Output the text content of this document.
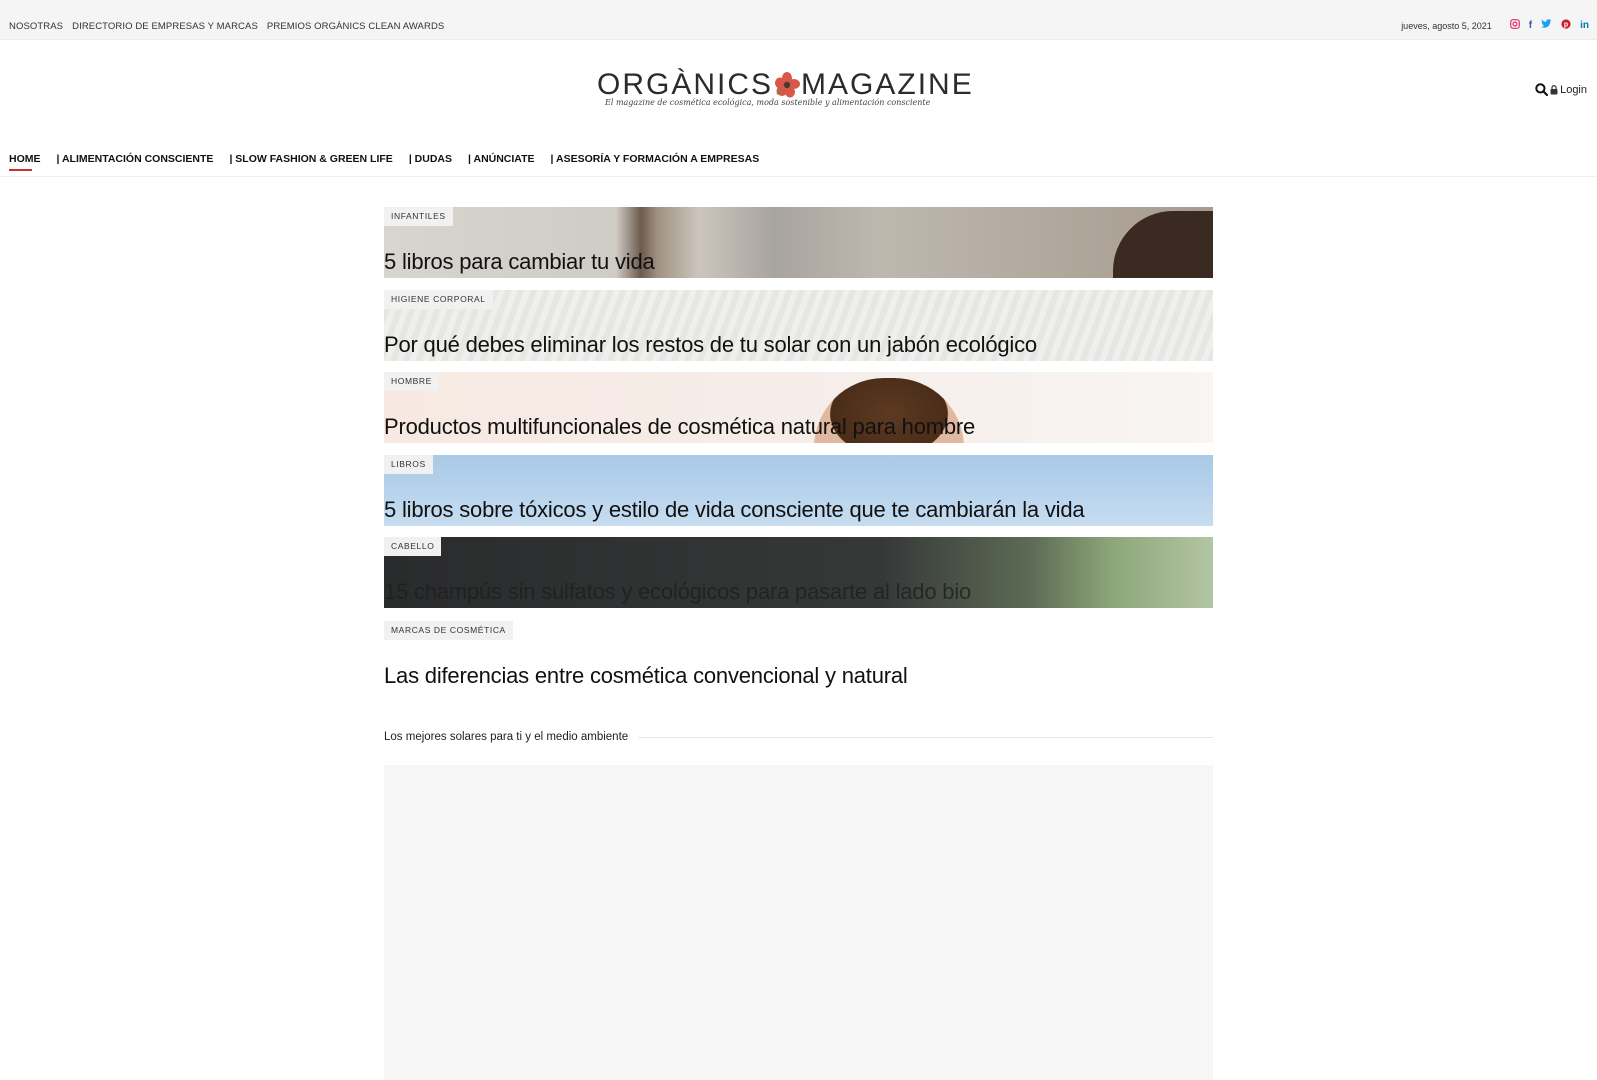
NOSOTRAS DIRECTORIO DE EMPRESAS Y MARCAS PREMIOS ORGÀNICS CLEAN AWARDS	jueves, agosto 5, 2021	f	p in
ORGÀNICS MAGAZINE
El magazine de cosmética ecológica, moda sostenible y alimentación consciente
Login
HOME | ALIMENTACIÓN CONSCIENTE | SLOW FASHION & GREEN LIFE | DUDAS | ANÚNCIATE | ASESORÍA Y FORMACIÓN A EMPRESAS
INFANTILES
5 libros para cambiar tu vida
HIGIENE CORPORAL
Por qué debes eliminar los restos de tu solar con un jabón ecológico
HOMBRE
Productos multifuncionales de cosmética natural para hombre
LIBROS
5 libros sobre tóxicos y estilo de vida consciente que te cambiarán la vida
CABELLO
15 champús sin sulfatos y ecológicos para pasarte al lado bio
MARCAS DE COSMÉTICA
Las diferencias entre cosmética convencional y natural
Los mejores solares para ti y el medio ambiente
